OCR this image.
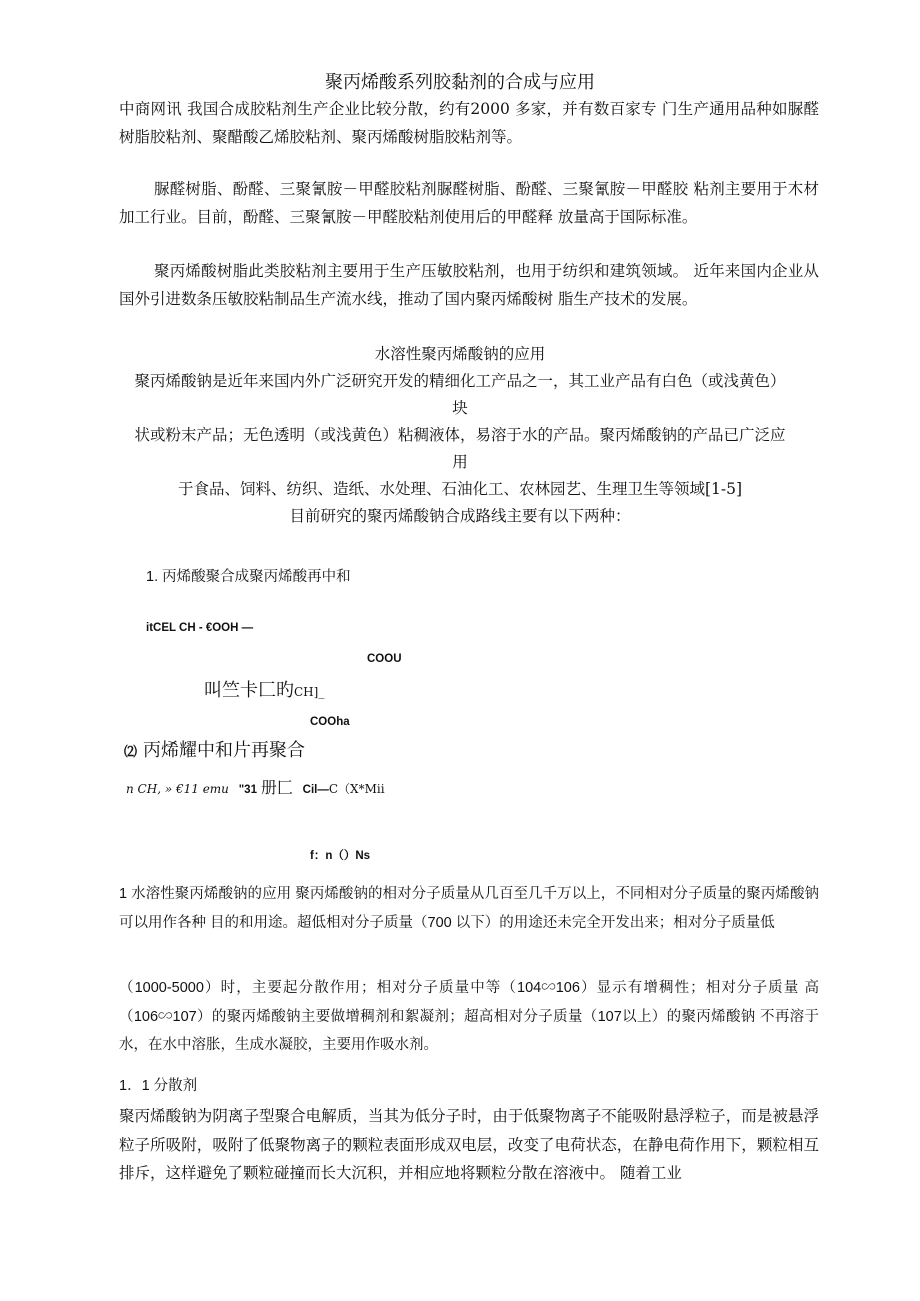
聚丙烯酸系列胶黏剂的合成与应用
中商网讯 我国合成胶粘剂生产企业比较分散，约有2000 多家，并有数百家专 门生产通用品种如脲醛树脂胶粘剂、聚醋酸乙烯胶粘剂、聚丙烯酸树脂胶粘剂等。
脲醛树脂、酚醛、三聚氰胺－甲醛胶粘剂脲醛树脂、酚醛、三聚氰胺－甲醛胶 粘剂主要用于木材加工行业。目前，酚醛、三聚氰胺－甲醛胶粘剂使用后的甲醛释 放量高于国际标准。
聚丙烯酸树脂此类胶粘剂主要用于生产压敏胶粘剂，也用于纺织和建筑领域。 近年来国内企业从国外引进数条压敏胶粘制品生产流水线，推动了国内聚丙烯酸树 脂生产技术的发展。
水溶性聚丙烯酸钠的应用
聚丙烯酸钠是近年来国内外广泛研究开发的精细化工产品之一，其工业产品有白色（或浅黄色）
块
状或粉末产品；无色透明（或浅黄色）粘稠液体，易溶于水的产品。聚丙烯酸钠的产品已广泛应
用
于食品、饲料、纺织、造纸、水处理、石油化工、农林园艺、生理卫生等领域[1-5]
目前研究的聚丙烯酸钠合成路线主要有以下两种：
1. 丙烯酸聚合成聚丙烯酸再中和
itCEL CH - €OOH —
COOU
叫竺卡匚旳CH]_
COOha
⑵ 丙烯耀中和片再聚合
n CH, » €11 emu "31 册匚 Cil—C（X*Mii
f：n（）Ns
1 水溶性聚丙烯酸钠的应用 聚丙烯酸钠的相对分子质量从几百至几千万以上，不同相对分子质量的聚丙烯酸钠可以用作各种 目的和用途。超低相对分子质量（700 以下）的用途还未完全开发出来；相对分子质量低
（1000-5000）时，主要起分散作用；相对分子质量中等（104∽106）显示有增稠性；相对分子质量 高（106∽107）的聚丙烯酸钠主要做增稠剂和絮凝剂；超高相对分子质量（107以上）的聚丙烯酸钠 不再溶于水，在水中溶胀，生成水凝胶，主要用作吸水剂。
1．1 分散剂
聚丙烯酸钠为阴离子型聚合电解质，当其为低分子时，由于低聚物离子不能吸附悬浮粒子，而是被悬浮粒子所吸附，吸附了低聚物离子的颗粒表面形成双电层，改变了电荷状态，在静电荷作用下，颗粒相互排斥，这样避免了颗粒碰撞而长大沉积，并相应地将颗粒分散在溶液中。 随着工业
